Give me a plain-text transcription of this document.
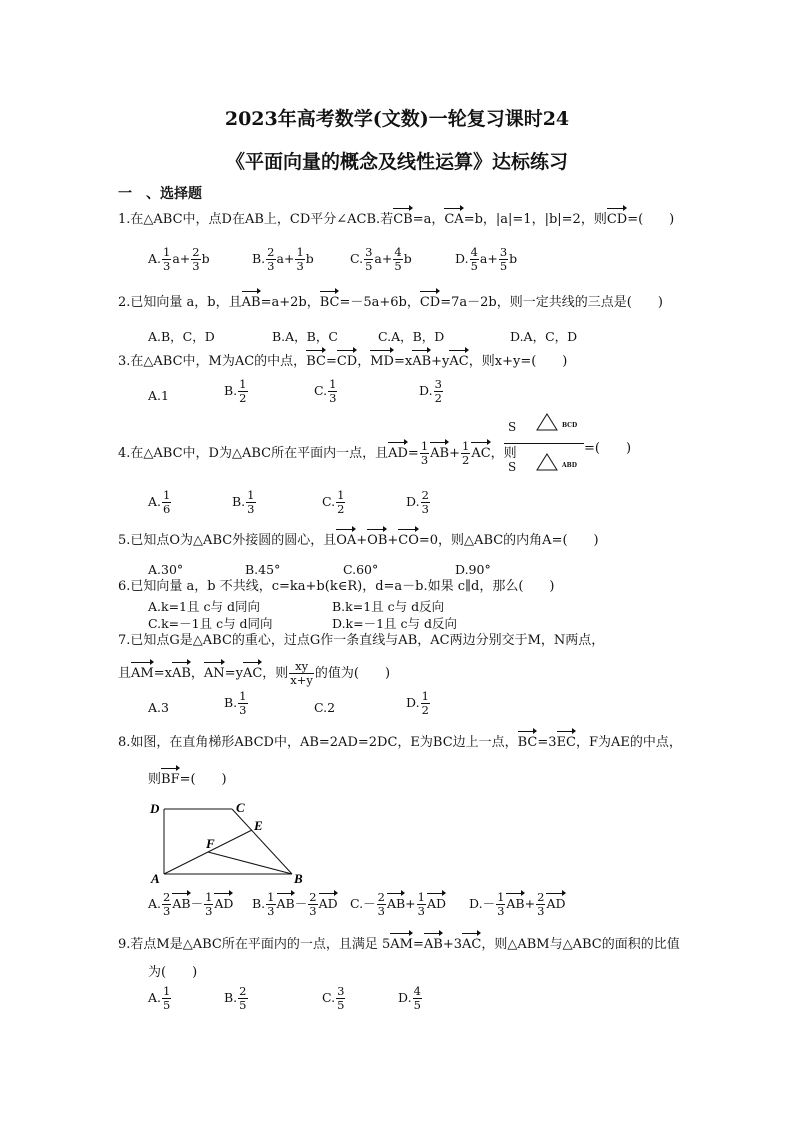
2023年高考数学(文数)一轮复习课时24
《平面向量的概念及线性运算》达标练习
一　、选择题
1.在△ABC中，点D在AB上，CD平分∠ACB.若CB=a，CA=b，|a|=1，|b|=2，则CD=(　　)
A. $\frac{1}{3} a+ \frac{2}{3}$ b	B. $\frac{2}{3} a+ \frac{1}{3}$ b	C. $\frac{3}{5} a+ \frac{4}{5}$ b	D. $\frac{4}{5} a+ \frac{3}{5}$ b
2.已知向量 a，b，且AB=a+2b，BC=－5a+6b，CD=7a－2b，则一定共线的三点是(　　)
A.B，C，D	B.A，B，C	C.A，B，D	D.A，C，D
3.在△ABC中，M为AC的中点，BC=CD，MD=xAB+yAC，则x+y=(　　)
A.1	B. $\frac{1}{2}$	C. $\frac{1}{3}$	D. $\frac{3}{2}$
4.在△ABC中，D为△ABC所在平面内一点，且$AD= \frac{1}{3} AB+ \frac{1}{2}$ AC，则
S	BCD
S	ABD
=(　　)
A. $\frac{1}{6}$	B. $\frac{1}{3}$	C. $\frac{1}{2}$	D. $\frac{2}{3}$
5.已知点O为△ABC外接圆的圆心，且OA+OB+CO=0，则△ABC的内角A=(　　)
A.30°	B.45°	C.60°	D.90°
6.已知向量 a，b 不共线，c=ka+b(k∈R)，d=a－b.如果 c∥d，那么(　　)
A.k=1且 c与 d同向	B.k=1且 c与 d反向
C.k=－1且 c与 d同向	D.k=－1且 c与 d反向
7.已知点G是△ABC的重心，过点G作一条直线与AB，AC两边分别交于M，N两点，
且AM=xAB，AN=yAC，则 $\frac{xy}{x+y}$ 的值为(　　)
A.3	B. $\frac{1}{3}$	C.2	D. $\frac{1}{2}$
8.如图，在直角梯形ABCD中，AB=2AD=2DC，E为BC边上一点，BC=3EC，F为AE的中点，
则BF=(　　)
D	C
E
F
A	B
A. $\frac{2}{3} AB- \frac{1}{3}$ AD B. $\frac{1}{3} AB- \frac{2}{3}$ AD $C.- \frac{2}{3} AB+ \frac{1}{3}$ AD $D.- \frac{1}{3} AB+ \frac{2}{3}$ AD
9.若点M是△ABC所在平面内的一点，且满足 5AM=AB+3AC，则△ABM与△ABC的面积的比值
为(　　)
A. $\frac{1}{5}$	B. $\frac{2}{5}$	C. $\frac{3}{5}$	D. $\frac{4}{5}$
